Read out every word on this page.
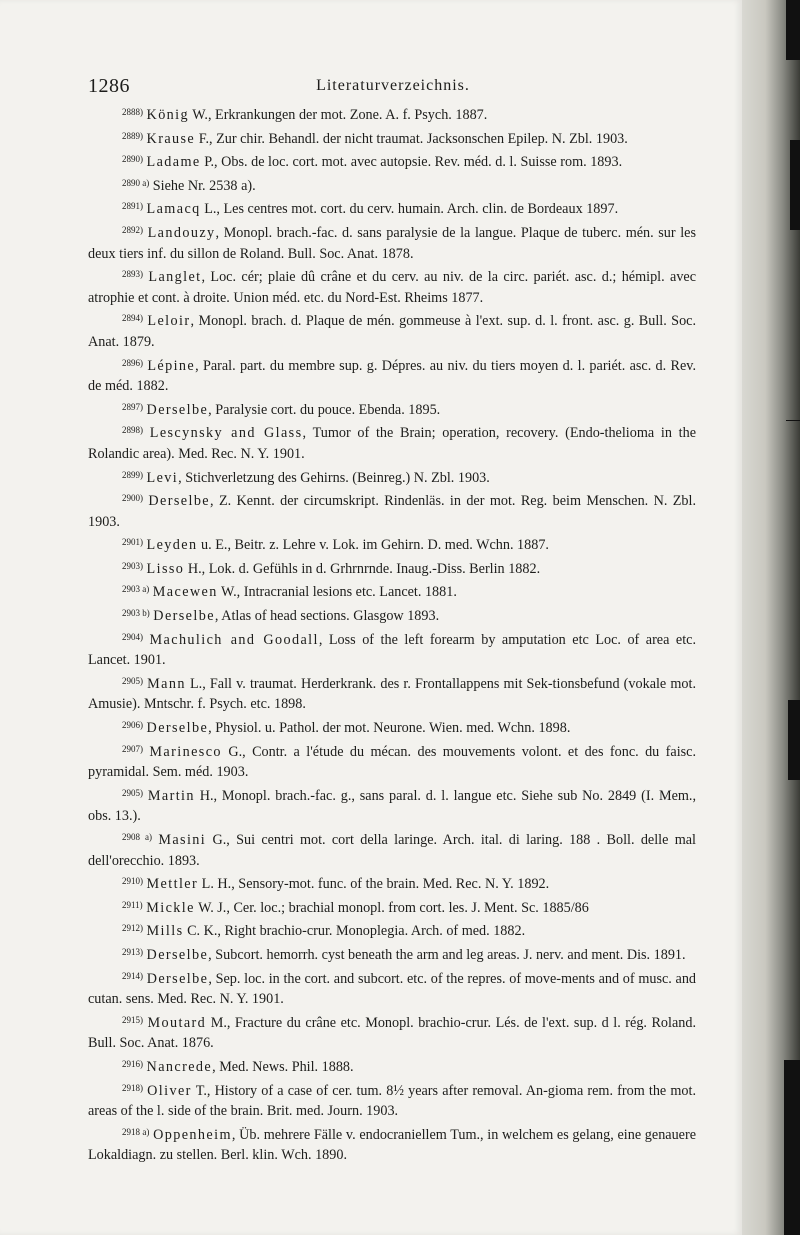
1286	Literaturverzeichnis.

$^{2888)}$ König W., Erkrankungen der mot. Zone. A. f. Psych. 1887.

$^{2889)}$ Krause F., Zur chir. Behandl. der nicht traumat. Jacksonschen Epilep. N. Zbl. 1903.

$^{2890)}$ Ladame P., Obs. de loc. cort. mot. avec autopsie. Rev. méd. d. l. Suisse rom. 1893.

$^{2890 a)}$ Siehe Nr. 2538 a).

$^{2891)}$ Lamacq L., Les centres mot. cort. du cerv. humain. Arch. clin. de Bordeaux 1897.

$^{2892)}$ Landouzy, Monopl. brach.-fac. d. sans paralysie de la langue. Plaque de tuberc. mén. sur les deux tiers inf. du sillon de Roland. Bull. Soc. Anat. 1878.

$^{2893)}$ Langlet, Loc. cér; plaie dû crâne et du cerv. au niv. de la circ. pariét. asc. d.; hémipl. avec atrophie et cont. à droite. Union méd. etc. du Nord-Est. Rheims 1877.

$^{2894)}$ Leloir, Monopl. brach. d. Plaque de mén. gommeuse à l'ext. sup. d. l. front. asc. g. Bull. Soc. Anat. 1879.

$^{2896)}$ Lépine, Paral. part. du membre sup. g. Dépres. au niv. du tiers moyen d. l. pariét. asc. d. Rev. de méd. 1882.

$^{2897)}$ Derselbe, Paralysie cort. du pouce. Ebenda. 1895.

$^{2898)}$ Lescynsky and Glass, Tumor of the Brain; operation, recovery. (Endo-thelioma in the Rolandic area). Med. Rec. N. Y. 1901.

$^{2899)}$ Levi, Stichverletzung des Gehirns. (Beinreg.) N. Zbl. 1903.

$^{2900)}$ Derselbe, Z. Kennt. der circumskript. Rindenläs. in der mot. Reg. beim Menschen. N. Zbl. 1903.

$^{2901)}$ Leyden u. E., Beitr. z. Lehre v. Lok. im Gehirn. D. med. Wchn. 1887.

$^{2903)}$ Lisso H., Lok. d. Gefühls in d. Grhrnrnde. Inaug.-Diss. Berlin 1882.

$^{2903 a)}$ Macewen W., Intracranial lesions etc. Lancet. 1881.

$^{2903 b)}$ Derselbe, Atlas of head sections. Glasgow 1893.

$^{2904)}$ Machulich and Goodall, Loss of the left forearm by amputation etc Loc. of area etc. Lancet. 1901.

$^{2905)}$ Mann L., Fall v. traumat. Herderkrank. des r. Frontallappens mit Sek-tionsbefund (vokale mot. Amusie). Mntschr. f. Psych. etc. 1898.

$^{2906)}$ Derselbe, Physiol. u. Pathol. der mot. Neurone. Wien. med. Wchn. 1898.

$^{2907)}$ Marinesco G., Contr. a l'étude du mécan. des mouvements volont. et des fonc. du faisc. pyramidal. Sem. méd. 1903.

$^{2905)}$ Martin H., Monopl. brach.-fac. g., sans paral. d. l. langue etc. Siehe sub No. 2849 (I. Mem., obs. 13.).

$^{2908 a)}$ Masini G., Sui centri mot. cort della laringe. Arch. ital. di laring. 188 . Boll. delle mal dell'orecchio. 1893.

$^{2910)}$ Mettler L. H., Sensory-mot. func. of the brain. Med. Rec. N. Y. 1892.

$^{2911)}$ Mickle W. J., Cer. loc.; brachial monopl. from cort. les. J. Ment. Sc. 1885/86

$^{2912)}$ Mills C. K., Right brachio-crur. Monoplegia. Arch. of med. 1882.

$^{2913)}$ Derselbe, Subcort. hemorrh. cyst beneath the arm and leg areas. J. nerv. and ment. Dis. 1891.

$^{2914)}$ Derselbe, Sep. loc. in the cort. and subcort. etc. of the repres. of move-ments and of musc. and cutan. sens. Med. Rec. N. Y. 1901.

$^{2915)}$ Moutard M., Fracture du crâne etc. Monopl. brachio-crur. Lés. de l'ext. sup. d l. rég. Roland. Bull. Soc. Anat. 1876.

$^{2916)}$ Nancrede, Med. News. Phil. 1888.

$^{2918)}$ Oliver T., History of a case of cer. tum. 8½ years after removal. An-gioma rem. from the mot. areas of the l. side of the brain. Brit. med. Journ. 1903.

$^{2918 a)}$ Oppenheim, Üb. mehrere Fälle v. endocraniellem Tum., in welchem es gelang, eine genauere Lokaldiagn. zu stellen. Berl. klin. Wch. 1890.
